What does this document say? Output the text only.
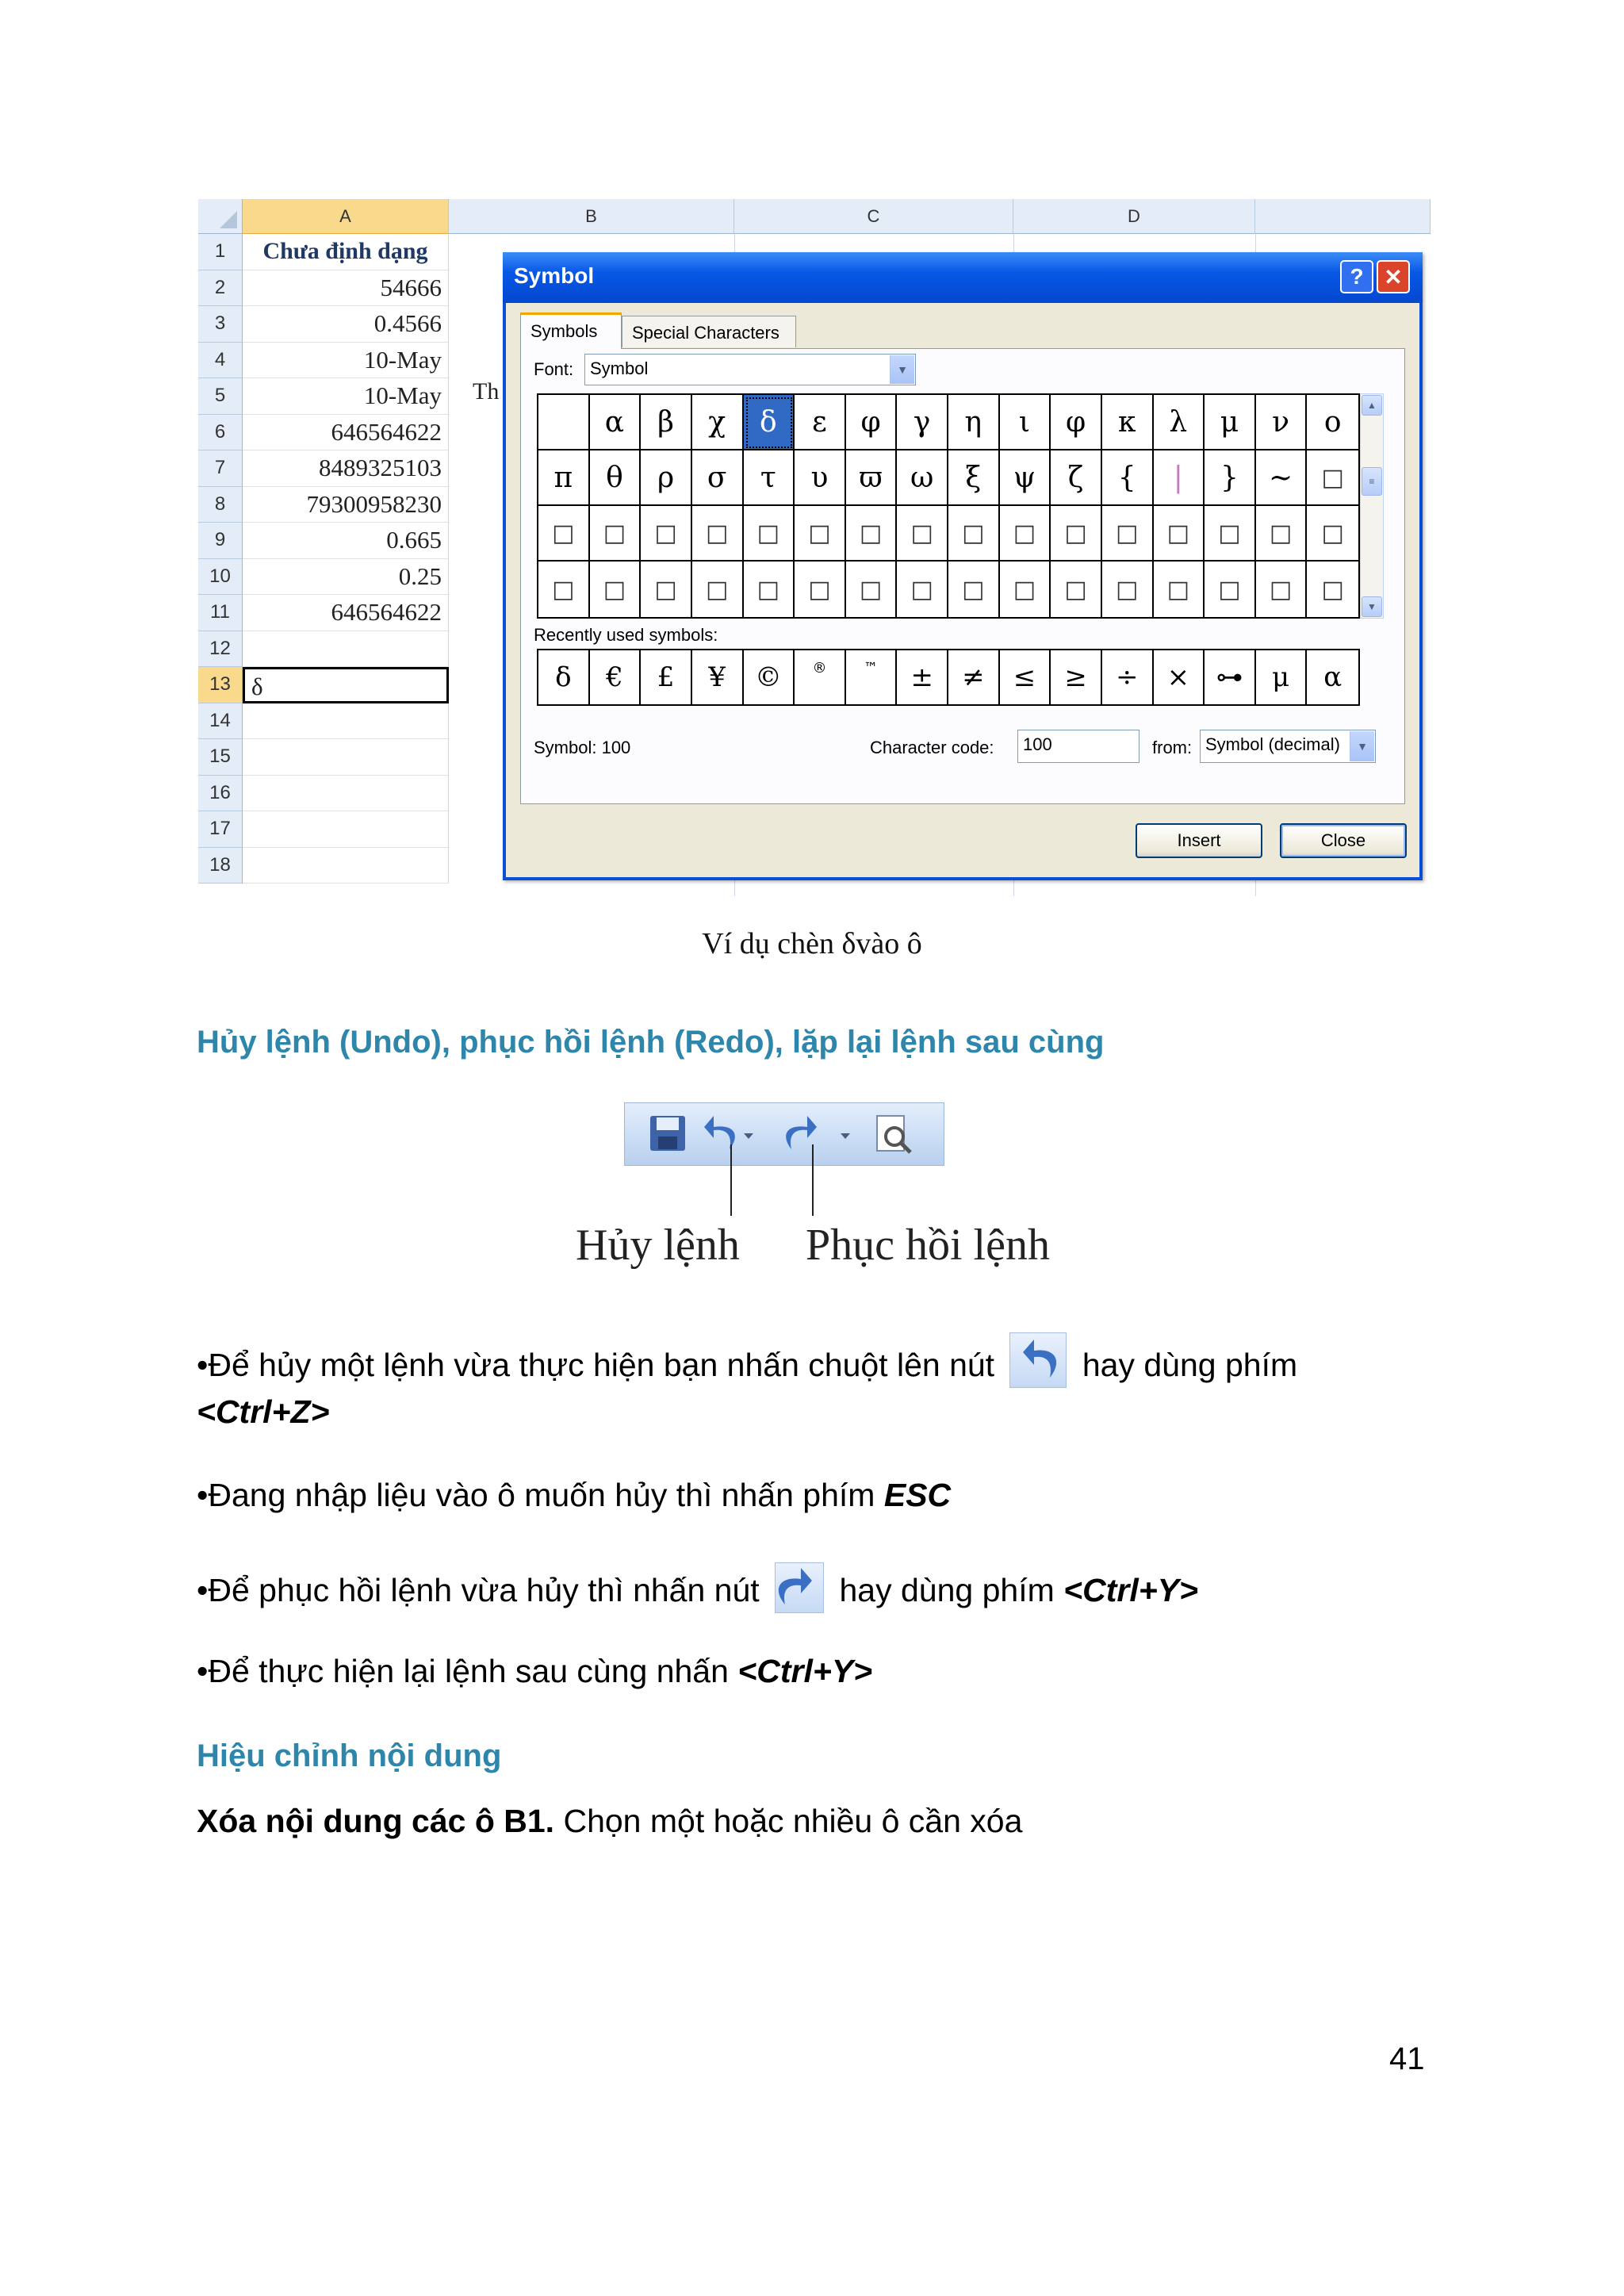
A	B	C	D
1	Chưa định dạng
2	54666
3	0.4566
4	10-May
5	10-May
6	646564622
7	8489325103
8	79300958230
9	0.665
10	0.25
11	646564622
12
13 δ
14
15
16
17
18
Th
Symbol	? ✕
Symbols	Special Characters
Font: Symbol	▼
α	β	χ	δ	ε	φ	γ	η	ι	φ	κ	λ	μ	ν	ο
π	θ	ρ	σ	τ	υ	ϖ ω	ξ	ψ	ζ	{	|	}	~	□
□	□	□	□	□	□	□	□	□	□	□	□	□	□	□	□
□	□	□	□	□	□	□	□	□	□	□	□	□	□	□	□
▲
≡
▼
Recently used symbols:
δ	€	£	¥	©	®	™	±	≠	≤	≥	÷	× ⊶	μ	α
Symbol: 100	Character code:	100	from: Symbol (decimal)	▼
Insert	Close
Ví dụ chèn δvào ô
Hủy lệnh (Undo), phục hồi lệnh (Redo), lặp lại lệnh sau cùng
Hủy lệnh Phục hồi lệnh
•Để hủy một lệnh vừa thực hiện bạn nhấn chuột lên nút	hay dùng phím
<Ctrl+Z>
•Đang nhập liệu vào ô muốn hủy thì nhấn phím ESC
•Để phục hồi lệnh vừa hủy thì nhấn nút hay dùng phím <Ctrl+Y>
•Để thực hiện lại lệnh sau cùng nhấn <Ctrl+Y>
Hiệu chỉnh nội dung
Xóa nội dung các ô B1. Chọn một hoặc nhiều ô cần xóa
41
